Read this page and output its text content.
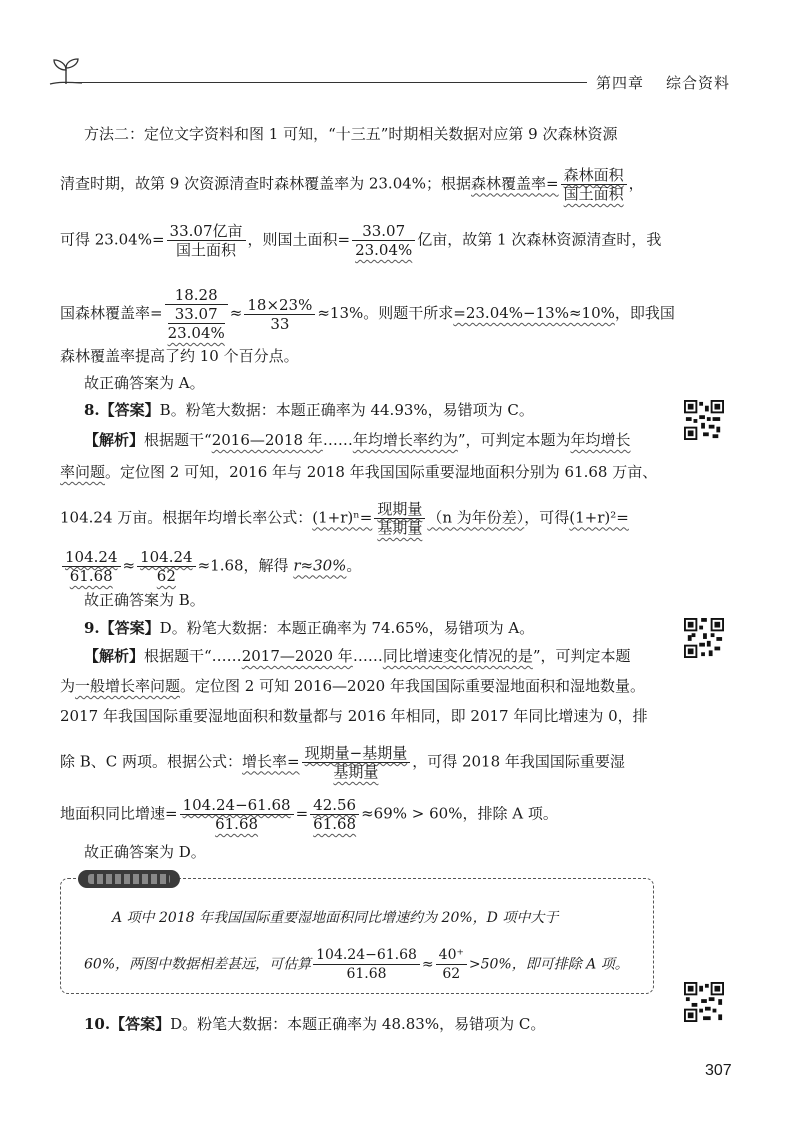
第四章 综合资料
方法二：定位文字资料和图 1 可知，“十三五”时期相关数据对应第 9 次森林资源
清查时期，故第 9 次资源清查时森林覆盖率为 23.04%；根据森林覆盖率= $\frac{\text{森林面积}}{\text{国土面积}}$ ，
可得 $23.04\%= \frac{\text{33.07亿亩}}{\text{国土面积}}$ ，则国土面积= $\frac{33.07}{23.04\%}$ 亿亩，故第 1 次森林资源清查时，我
国森林覆盖率= 18.28
33.07
$23.04\% \approx \frac{18\times 23\%}{33} \approx 13\%$。则题干所求=23.04%−13%≈10%，即我国
森林覆盖率提高了约 10 个百分点。
故正确答案为 A。
8.【答案】B。粉笔大数据：本题正确率为 44.93%，易错项为 C。
【解析】根据题干“2016—2018 年……年均增长率约为”，可判定本题为年均增长
率问题。定位图 2 可知，2016 年与 2018 年我国国际重要湿地面积分别为 61.68 万亩、
104.24 万亩。根据年均增长率公式：$(1+r)^n= \frac{\text{现期量}}{\text{基期量}} (n$ 为年份差），可得(1+r)²=
$\frac{104.24}{61.68} \approx \frac{104.24}{62} \approx 1.68$，解得 r≈30%。
故正确答案为 B。
9.【答案】D。粉笔大数据：本题正确率为 74.65%，易错项为 A。
【解析】根据题干“……2017—2020 年……同比增速变化情况的是”，可判定本题
为一般增长率问题。定位图 2 可知 2016—2020 年我国国际重要湿地面积和湿地数量。
2017 年我国国际重要湿地面积和数量都与 2016 年相同，即 2017 年同比增速为 0，排
除 B、C 两项。根据公式：增长率= $\frac{\text{现期量−基期量}}{\text{基期量}}$ ，可得 2018 年我国国际重要湿
地面积同比增速= $\frac{104.24-61.68}{61.68} = \frac{42.56}{61.68} \approx 69\% > 60\%$，排除 A 项。
故正确答案为 D。
A 项中 2018 年我国国际重要湿地面积同比增速约为 20%，D 项中大于
60%，两图中数据相差甚远，可估算 $\frac{104.24-61.68}{61.68} \approx \frac{40^+}{62} >50\%$，即可排除 A 项。
10.【答案】D。粉笔大数据：本题正确率为 48.83%，易错项为 C。
307
